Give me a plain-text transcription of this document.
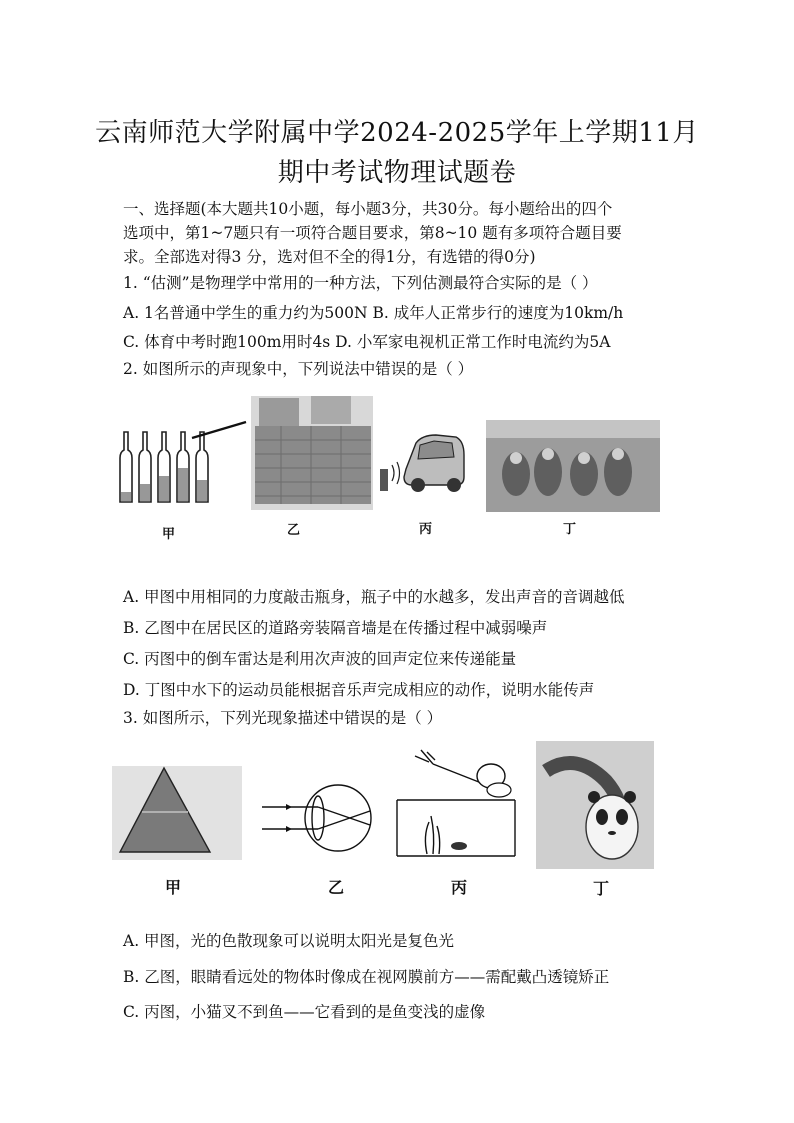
云南师范大学附属中学2024-2025学年上学期11月
期中考试物理试题卷
一、选择题(本大题共10小题，每小题3分，共30分。每小题给出的四个
选项中，第1~7题只有一项符合题目要求，第8~10 题有多项符合题目要
求。全部选对得3 分，选对但不全的得1分，有选错的得0分)
1. “估测”是物理学中常用的一种方法，下列估测最符合实际的是（ ）
A. 1名普通中学生的重力约为500N B. 成年人正常步行的速度为10km/h
C. 体育中考时跑100m用时4s D. 小军家电视机正常工作时电流约为5A
2. 如图所示的声现象中，下列说法中错误的是（ ）
甲	乙	丙	丁
A. 甲图中用相同的力度敲击瓶身，瓶子中的水越多，发出声音的音调越低
B. 乙图中在居民区的道路旁装隔音墙是在传播过程中减弱噪声
C. 丙图中的倒车雷达是利用次声波的回声定位来传递能量
D. 丁图中水下的运动员能根据音乐声完成相应的动作，说明水能传声
3. 如图所示，下列光现象描述中错误的是（ ）
甲	乙	丙	丁
A. 甲图，光的色散现象可以说明太阳光是复色光
B. 乙图，眼睛看远处的物体时像成在视网膜前方——需配戴凸透镜矫正
C. 丙图，小猫叉不到鱼——它看到的是鱼变浅的虚像
